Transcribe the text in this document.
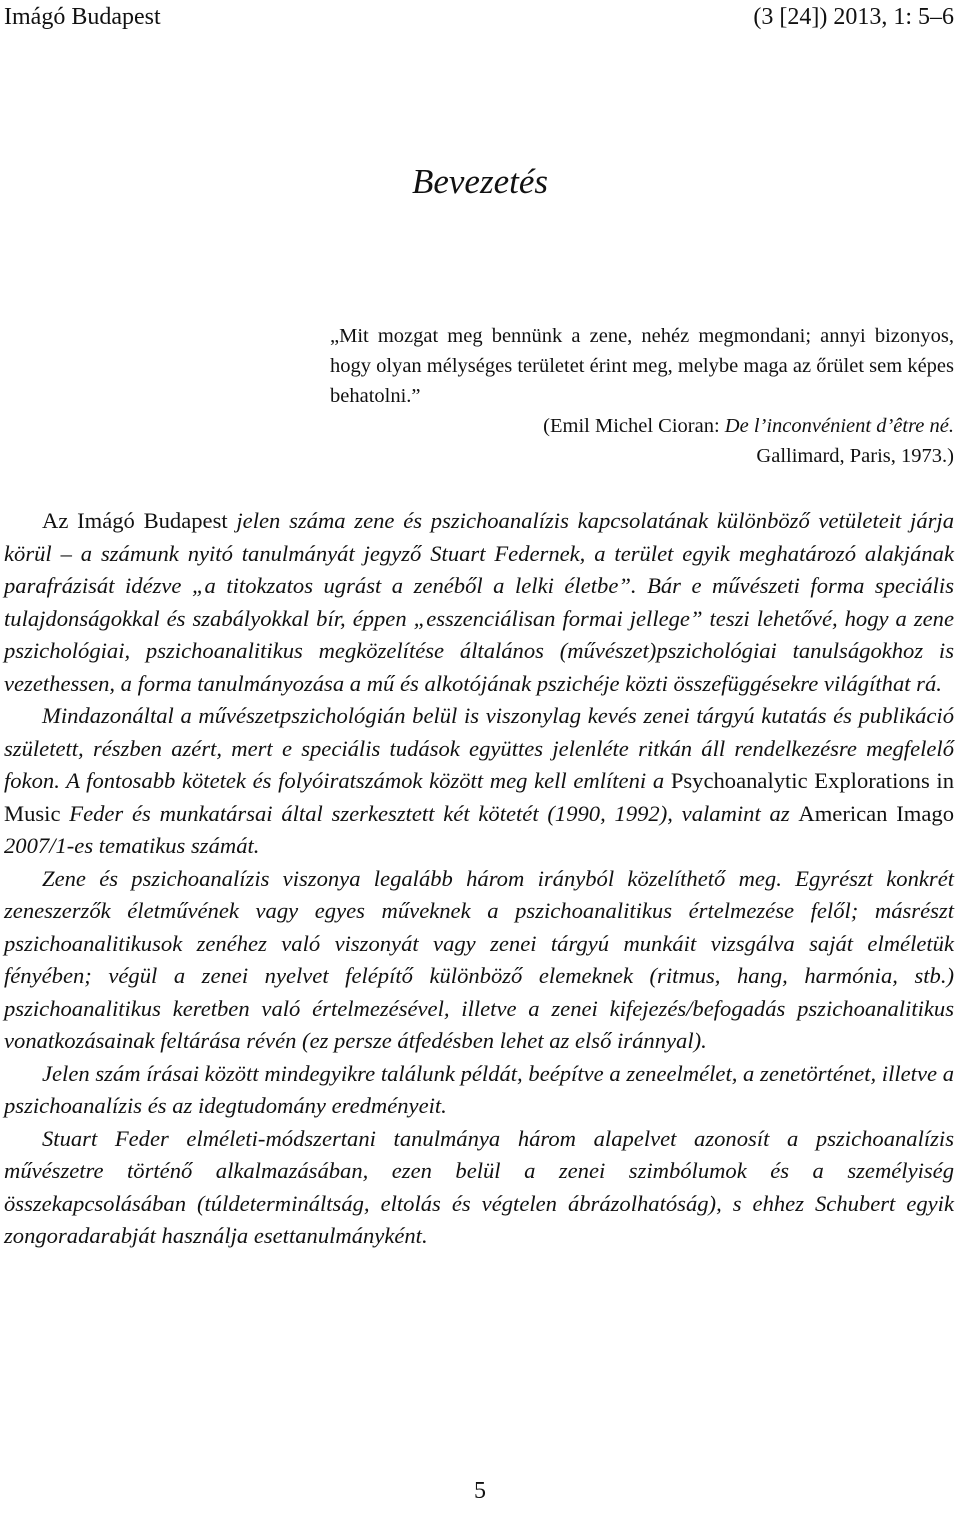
Imágó Budapest	(3 [24]) 2013, 1: 5–6
Bevezetés
„Mit mozgat meg bennünk a zene, nehéz megmondani; annyi bizonyos, hogy olyan mélységes területet érint meg, melybe maga az őrület sem képes behatolni.”
(Emil Michel Cioran: De l’inconvénient d’être né.
Gallimard, Paris, 1973.)

Az Imágó Budapest jelen száma zene és pszichoanalízis kapcsolatának különböző vetületeit járja körül – a számunk nyitó tanulmányát jegyző Stuart Federnek, a terület egyik meghatározó alakjának parafrázisát idézve „a titokzatos ugrást a zenéből a lelki életbe”. Bár e művészeti forma speciális tulajdonságokkal és szabályokkal bír, éppen „esszenciálisan formai jellege” teszi lehetővé, hogy a zene pszichológiai, pszichoanalitikus megközelítése általános (művészet)pszichológiai tanulságokhoz is vezethessen, a forma tanulmányozása a mű és alkotójának pszichéje közti összefüggésekre világíthat rá.

Mindazonáltal a művészetpszichológián belül is viszonylag kevés zenei tárgyú kutatás és publikáció született, részben azért, mert e speciális tudások együttes jelenléte ritkán áll rendelkezésre megfelelő fokon. A fontosabb kötetek és folyóiratszámok között meg kell említeni a Psychoanalytic Explorations in Music Feder és munkatársai által szerkesztett két kötetét (1990, 1992), valamint az American Imago 2007/1-es tematikus számát.

Zene és pszichoanalízis viszonya legalább három irányból közelíthető meg. Egyrészt konkrét zeneszerzők életművének vagy egyes műveknek a pszichoanalitikus értelmezése felől; másrészt pszichoanalitikusok zenéhez való viszonyát vagy zenei tárgyú munkáit vizsgálva saját elméletük fényében; végül a zenei nyelvet felépítő különböző elemeknek (ritmus, hang, harmónia, stb.) pszichoanalitikus keretben való értelmezésével, illetve a zenei kifejezés/befogadás pszichoanalitikus vonatkozásainak feltárása révén (ez persze átfedésben lehet az első iránnyal).

Jelen szám írásai között mindegyikre találunk példát, beépítve a zeneelmélet, a zenetörténet, illetve a pszichoanalízis és az idegtudomány eredményeit.

Stuart Feder elméleti-módszertani tanulmánya három alapelvet azonosít a pszichoanalízis művészetre történő alkalmazásában, ezen belül a zenei szimbólumok és a személyiség összekapcsolásában (túldetermináltság, eltolás és végtelen ábrázolhatóság), s ehhez Schubert egyik zongoradarabját használja esettanulmányként.

5
